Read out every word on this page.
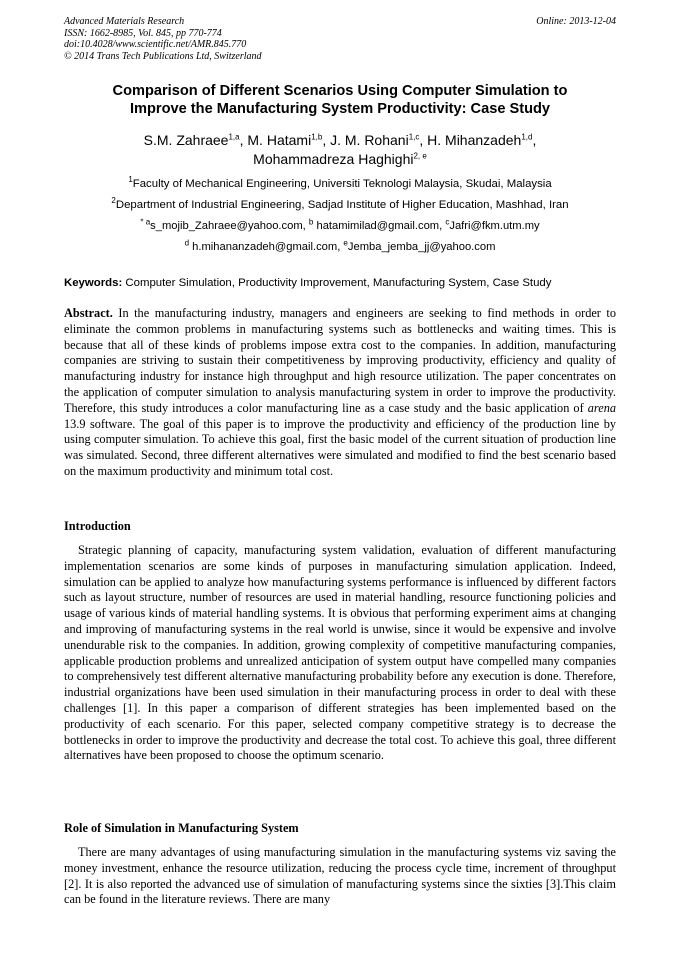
Advanced Materials Research
ISSN: 1662-8985, Vol. 845, pp 770-774
doi:10.4028/www.scientific.net/AMR.845.770
© 2014 Trans Tech Publications Ltd, Switzerland
Online: 2013-12-04
Comparison of Different Scenarios Using Computer Simulation to
Improve the Manufacturing System Productivity: Case Study
S.M. Zahraee$^{1,a}$, M. Hatami$^{1,b}$, J. M. Rohani$^{1,c}$, H. Mihanzadeh$^{1,d}$,
Mohammadreza Haghighi$^{2, e}$
$^1$Faculty of Mechanical Engineering, Universiti Teknologi Malaysia, Skudai, Malaysia
$^2$Department of Industrial Engineering, Sadjad Institute of Higher Education, Mashhad, Iran
$^{* a}$s_mojib_Zahraee@yahoo.com, $^b$ hatamimilad@gmail.com, $^c$Jafri@fkm.utm.my
$^d$ h.mihananzadeh@gmail.com, $^e$Jemba_jemba_jj@yahoo.com
Keywords: Computer Simulation, Productivity Improvement, Manufacturing System, Case Study
Abstract. In the manufacturing industry, managers and engineers are seeking to find methods in order to eliminate the common problems in manufacturing systems such as bottlenecks and waiting times. This is because that all of these kinds of problems impose extra cost to the companies. In addition, manufacturing companies are striving to sustain their competitiveness by improving productivity, efficiency and quality of manufacturing industry for instance high throughput and high resource utilization. The paper concentrates on the application of computer simulation to analysis manufacturing system in order to improve the productivity. Therefore, this study introduces a color manufacturing line as a case study and the basic application of arena 13.9 software. The goal of this paper is to improve the productivity and efficiency of the production line by using computer simulation. To achieve this goal, first the basic model of the current situation of production line was simulated. Second, three different alternatives were simulated and modified to find the best scenario based on the maximum productivity and minimum total cost.
Introduction
Strategic planning of capacity, manufacturing system validation, evaluation of different manufacturing implementation scenarios are some kinds of purposes in manufacturing simulation application. Indeed, simulation can be applied to analyze how manufacturing systems performance is influenced by different factors such as layout structure, number of resources are used in material handling, resource functioning policies and usage of various kinds of material handling systems. It is obvious that performing experiment aims at changing and improving of manufacturing systems in the real world is unwise, since it would be expensive and involve unendurable risk to the companies. In addition, growing complexity of competitive manufacturing companies, applicable production problems and unrealized anticipation of system output have compelled many companies to comprehensively test different alternative manufacturing probability before any execution is done. Therefore, industrial organizations have been used simulation in their manufacturing process in order to deal with these challenges [1]. In this paper a comparison of different strategies has been implemented based on the productivity of each scenario. For this paper, selected company competitive strategy is to decrease the bottlenecks in order to improve the productivity and decrease the total cost. To achieve this goal, three different alternatives have been proposed to choose the optimum scenario.
Role of Simulation in Manufacturing System
There are many advantages of using manufacturing simulation in the manufacturing systems viz saving the money investment, enhance the resource utilization, reducing the process cycle time, increment of throughput [2]. It is also reported the advanced use of simulation of manufacturing systems since the sixties [3].This claim can be found in the literature reviews. There are many
